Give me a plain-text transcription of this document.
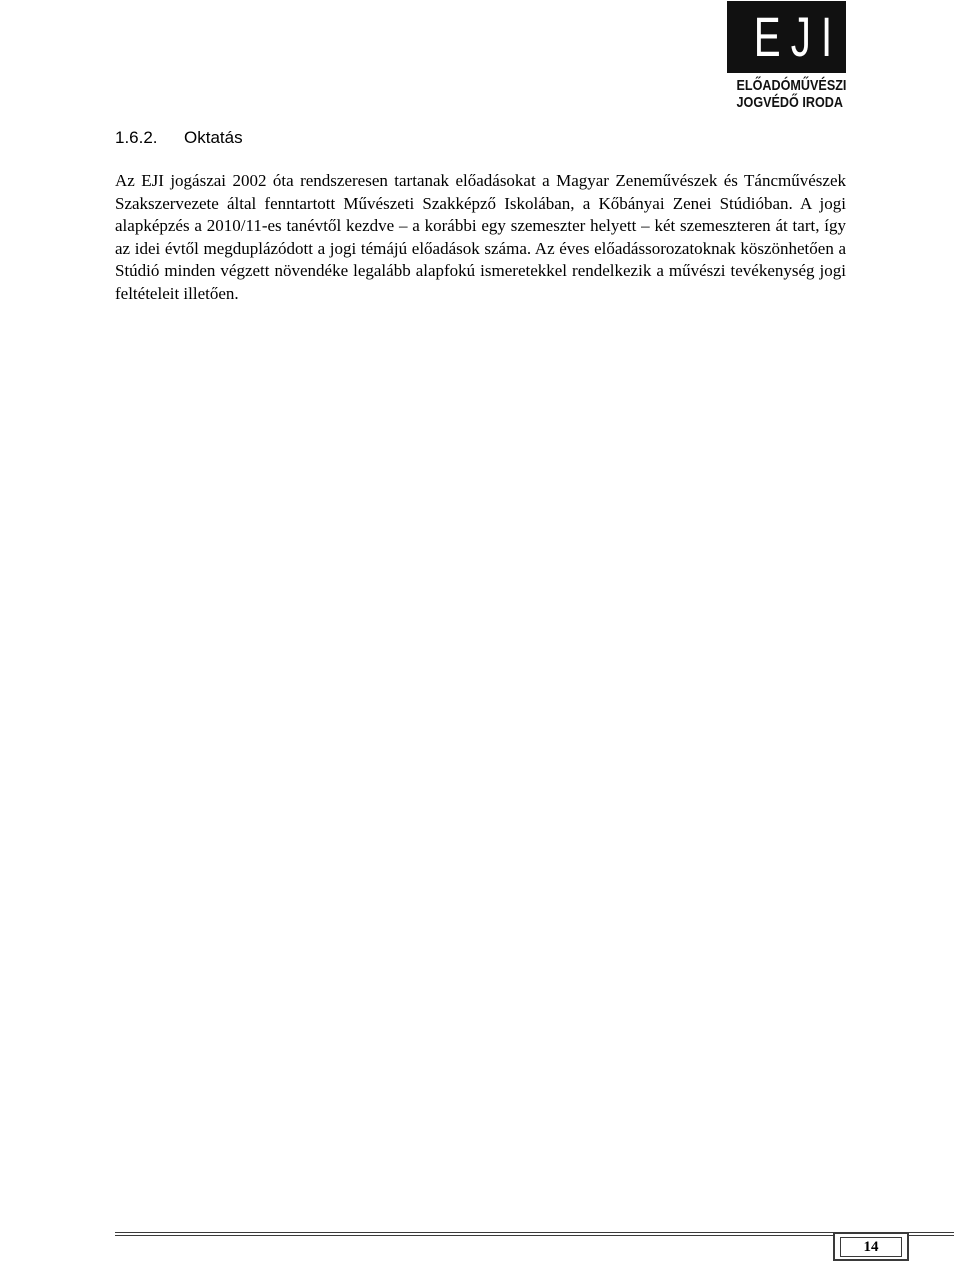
EJI
ELŐADÓMŰVÉSZI
JOGVÉDŐ IRODA
1.6.2. Oktatás

Az EJI jogászai 2002 óta rendszeresen tartanak előadásokat a Magyar Zeneművészek és Táncművészek Szakszervezete által fenntartott Művészeti Szakképző Iskolában, a Kőbányai Zenei Stúdióban. A jogi alapképzés a 2010/11-es tanévtől kezdve – a korábbi egy szemeszter helyett – két szemeszteren át tart, így az idei évtől megduplázódott a jogi témájú előadások száma. Az éves előadássorozatoknak köszönhetően a Stúdió minden végzett növendéke legalább alapfokú ismeretekkel rendelkezik a művészi tevékenység jogi feltételeit illetően.

14
